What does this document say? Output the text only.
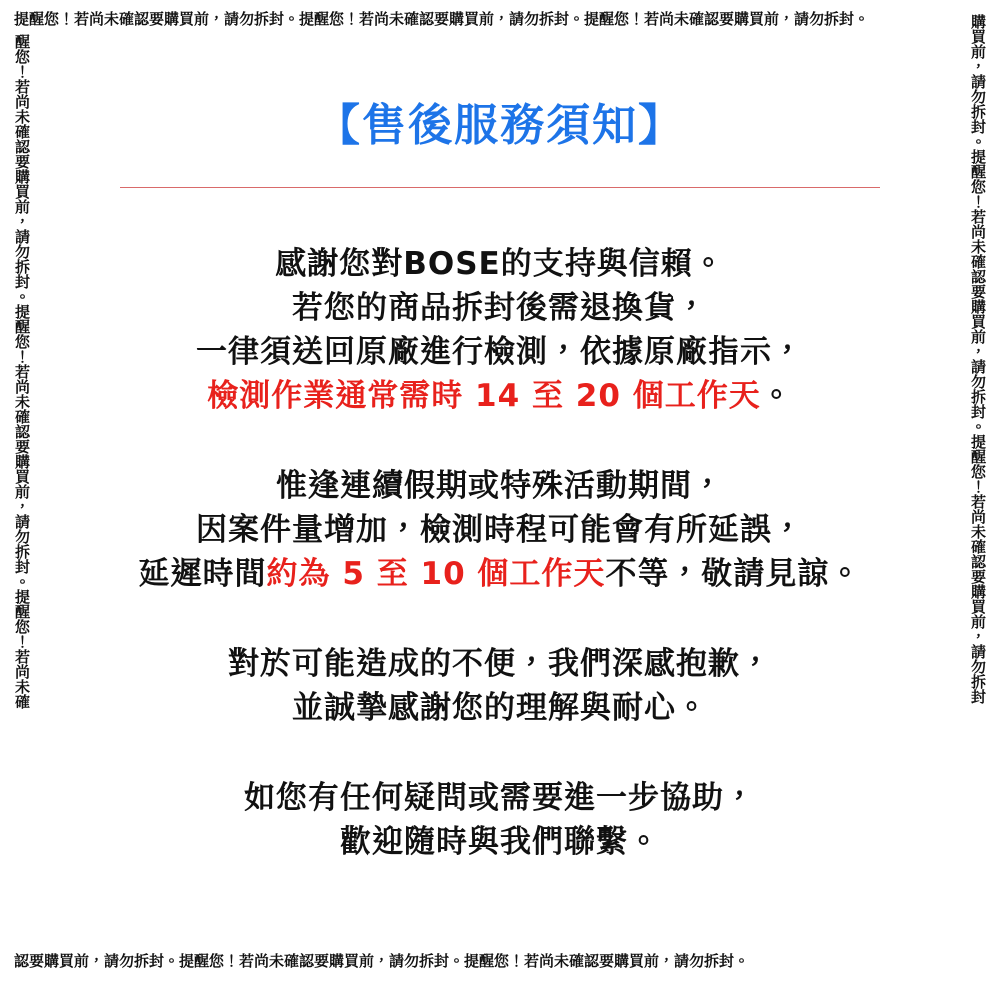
提醒您！若尚未確認要購買前，請勿拆封。提醒您！若尚未確認要購買前，請勿拆封。提醒您！若尚未確認要購買前，請勿拆封。
醒您！若尚未確認要購買前，請勿拆封。提醒您！若尚未確認要購買前，請勿拆封。提醒您！若尚未確	購買前，請勿拆封。提醒您！若尚未確認要購買前，請勿拆封。提醒您！若尚未確認要購買前，請勿拆封
認要購買前，請勿拆封。提醒您！若尚未確認要購買前，請勿拆封。提醒您！若尚未確認要購買前，請勿拆封。
【售後服務須知】
感謝您對BOSE的支持與信賴。
若您的商品拆封後需退換貨，
一律須送回原廠進行檢測，依據原廠指示，
檢測作業通常需時 14 至 20 個工作天。
惟逢連續假期或特殊活動期間，
因案件量增加，檢測時程可能會有所延誤，
延遲時間約為 5 至 10 個工作天不等，敬請見諒。
對於可能造成的不便，我們深感抱歉，
並誠摯感謝您的理解與耐心。
如您有任何疑問或需要進一步協助，
歡迎隨時與我們聯繫。
